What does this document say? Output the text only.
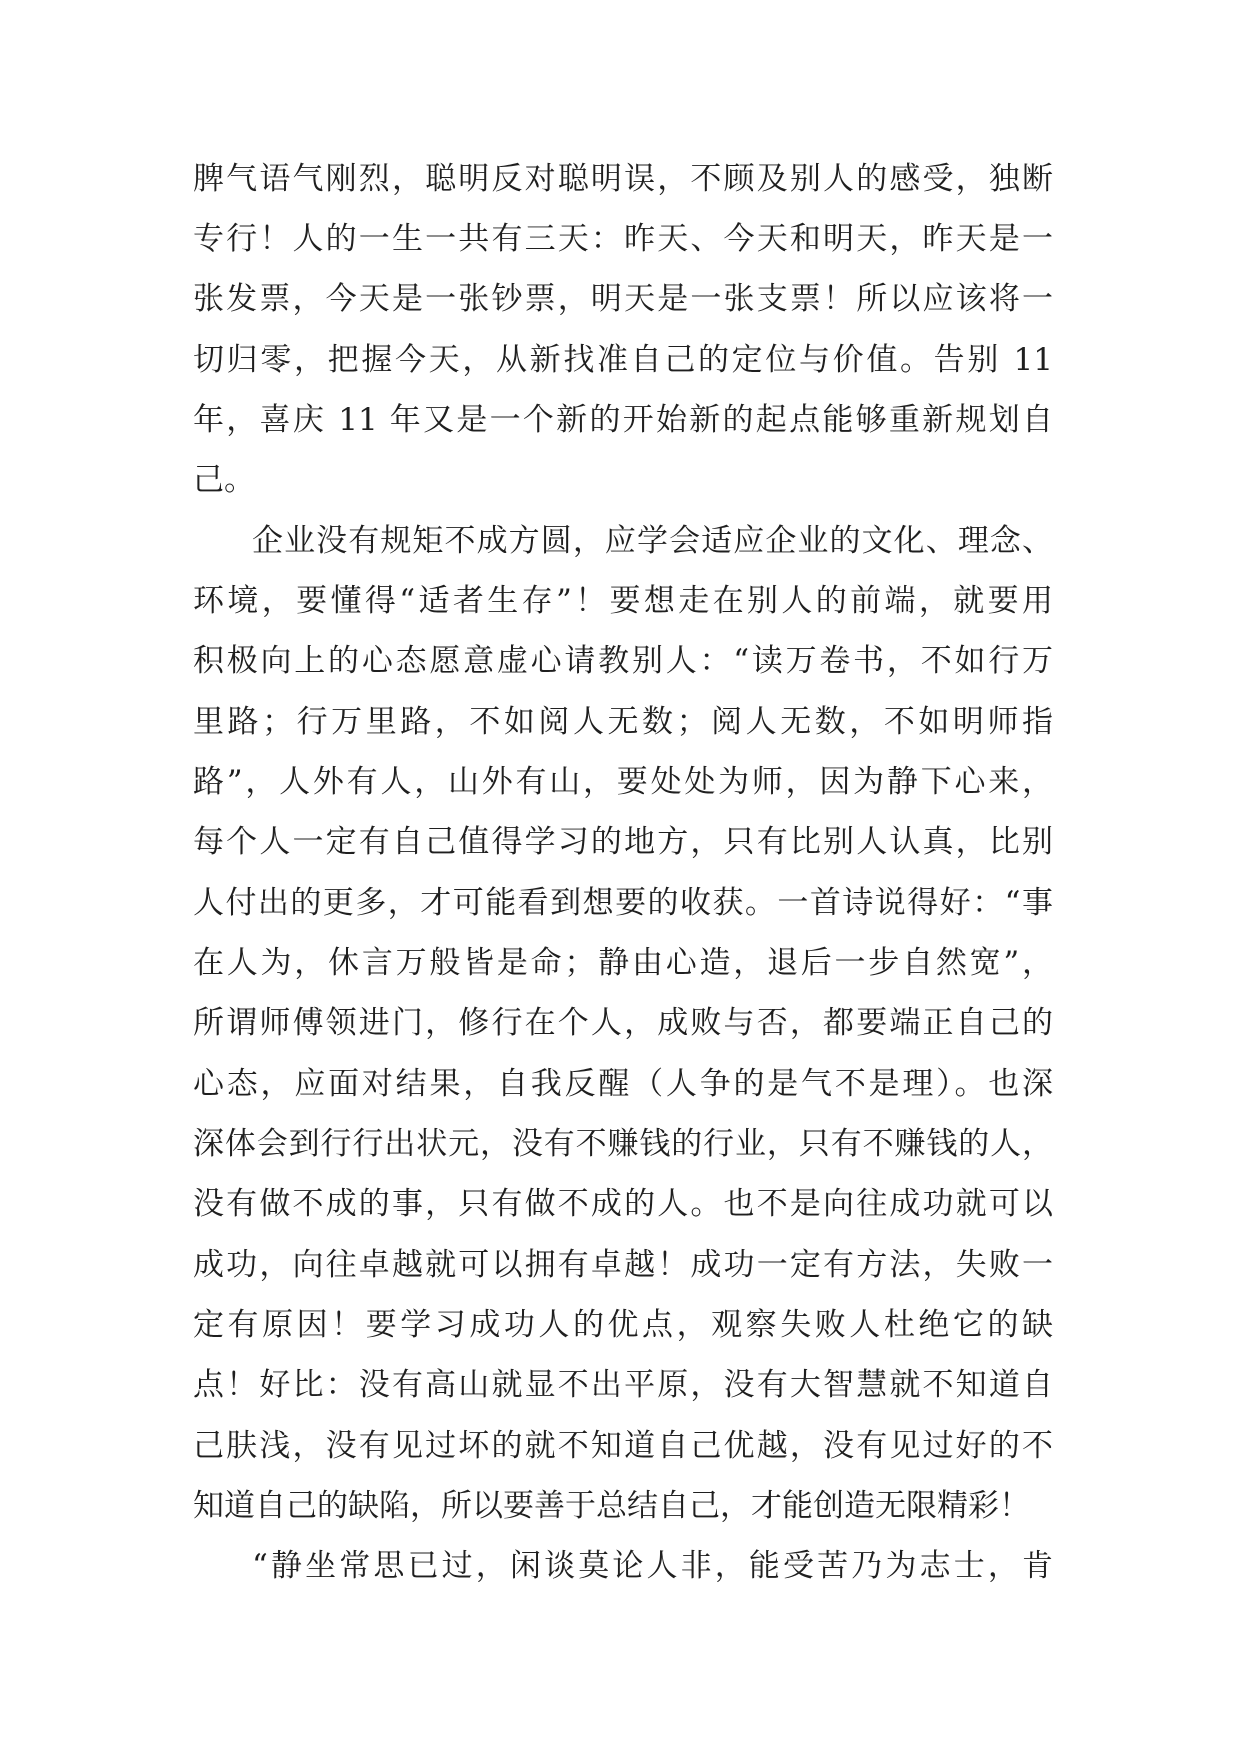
脾气语气刚烈，聪明反对聪明误，不顾及别人的感受，独断
专行！人的一生一共有三天：昨天、今天和明天，昨天是一
张发票，今天是一张钞票，明天是一张支票！所以应该将一
切归零，把握今天，从新找准自己的定位与价值。告别 11
年，喜庆 11 年又是一个新的开始新的起点能够重新规划自
己。
企业没有规矩不成方圆，应学会适应企业的文化、理念、
环境，要懂得“适者生存”！要想走在别人的前端，就要用
积极向上的心态愿意虚心请教别人：“读万卷书，不如行万
里路；行万里路，不如阅人无数；阅人无数，不如明师指
路”，人外有人，山外有山，要处处为师，因为静下心来，
每个人一定有自己值得学习的地方，只有比别人认真，比别
人付出的更多，才可能看到想要的收获。一首诗说得好：“事
在人为，休言万般皆是命；静由心造，退后一步自然宽”，
所谓师傅领进门，修行在个人，成败与否，都要端正自己的
心态，应面对结果，自我反醒（人争的是气不是理）。也深
深体会到行行出状元，没有不赚钱的行业，只有不赚钱的人，
没有做不成的事，只有做不成的人。也不是向往成功就可以
成功，向往卓越就可以拥有卓越！成功一定有方法，失败一
定有原因！要学习成功人的优点，观察失败人杜绝它的缺
点！好比：没有高山就显不出平原，没有大智慧就不知道自
己肤浅，没有见过坏的就不知道自己优越，没有见过好的不
知道自己的缺陷，所以要善于总结自己，才能创造无限精彩！
“静坐常思已过，闲谈莫论人非，能受苦乃为志士，肯
